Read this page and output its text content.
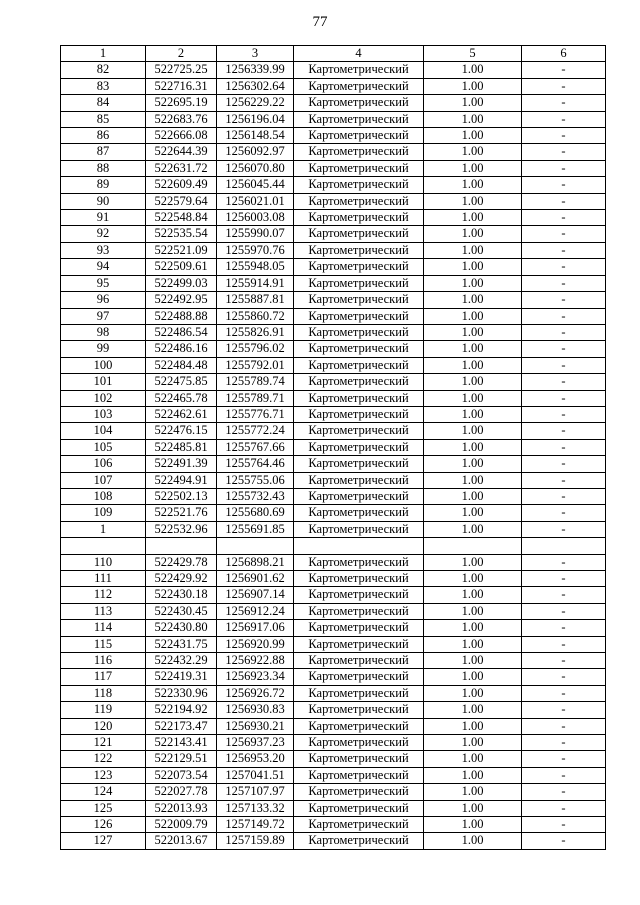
77
1	2	3	4	5	6
82	522725.25	1256339.99	Картометрический	1.00	-
83	522716.31	1256302.64	Картометрический	1.00	-
84	522695.19	1256229.22	Картометрический	1.00	-
85	522683.76	1256196.04	Картометрический	1.00	-
86	522666.08	1256148.54	Картометрический	1.00	-
87	522644.39	1256092.97	Картометрический	1.00	-
88	522631.72	1256070.80	Картометрический	1.00	-
89	522609.49	1256045.44	Картометрический	1.00	-
90	522579.64	1256021.01	Картометрический	1.00	-
91	522548.84	1256003.08	Картометрический	1.00	-
92	522535.54	1255990.07	Картометрический	1.00	-
93	522521.09	1255970.76	Картометрический	1.00	-
94	522509.61	1255948.05	Картометрический	1.00	-
95	522499.03	1255914.91	Картометрический	1.00	-
96	522492.95	1255887.81	Картометрический	1.00	-
97	522488.88	1255860.72	Картометрический	1.00	-
98	522486.54	1255826.91	Картометрический	1.00	-
99	522486.16	1255796.02	Картометрический	1.00	-
100	522484.48	1255792.01	Картометрический	1.00	-
101	522475.85	1255789.74	Картометрический	1.00	-
102	522465.78	1255789.71	Картометрический	1.00	-
103	522462.61	1255776.71	Картометрический	1.00	-
104	522476.15	1255772.24	Картометрический	1.00	-
105	522485.81	1255767.66	Картометрический	1.00	-
106	522491.39	1255764.46	Картометрический	1.00	-
107	522494.91	1255755.06	Картометрический	1.00	-
108	522502.13	1255732.43	Картометрический	1.00	-
109	522521.76	1255680.69	Картометрический	1.00	-
1	522532.96	1255691.85	Картометрический	1.00	-

110	522429.78	1256898.21	Картометрический	1.00	-
111	522429.92	1256901.62	Картометрический	1.00	-
112	522430.18	1256907.14	Картометрический	1.00	-
113	522430.45	1256912.24	Картометрический	1.00	-
114	522430.80	1256917.06	Картометрический	1.00	-
115	522431.75	1256920.99	Картометрический	1.00	-
116	522432.29	1256922.88	Картометрический	1.00	-
117	522419.31	1256923.34	Картометрический	1.00	-
118	522330.96	1256926.72	Картометрический	1.00	-
119	522194.92	1256930.83	Картометрический	1.00	-
120	522173.47	1256930.21	Картометрический	1.00	-
121	522143.41	1256937.23	Картометрический	1.00	-
122	522129.51	1256953.20	Картометрический	1.00	-
123	522073.54	1257041.51	Картометрический	1.00	-
124	522027.78	1257107.97	Картометрический	1.00	-
125	522013.93	1257133.32	Картометрический	1.00	-
126	522009.79	1257149.72	Картометрический	1.00	-
127	522013.67	1257159.89	Картометрический	1.00	-
